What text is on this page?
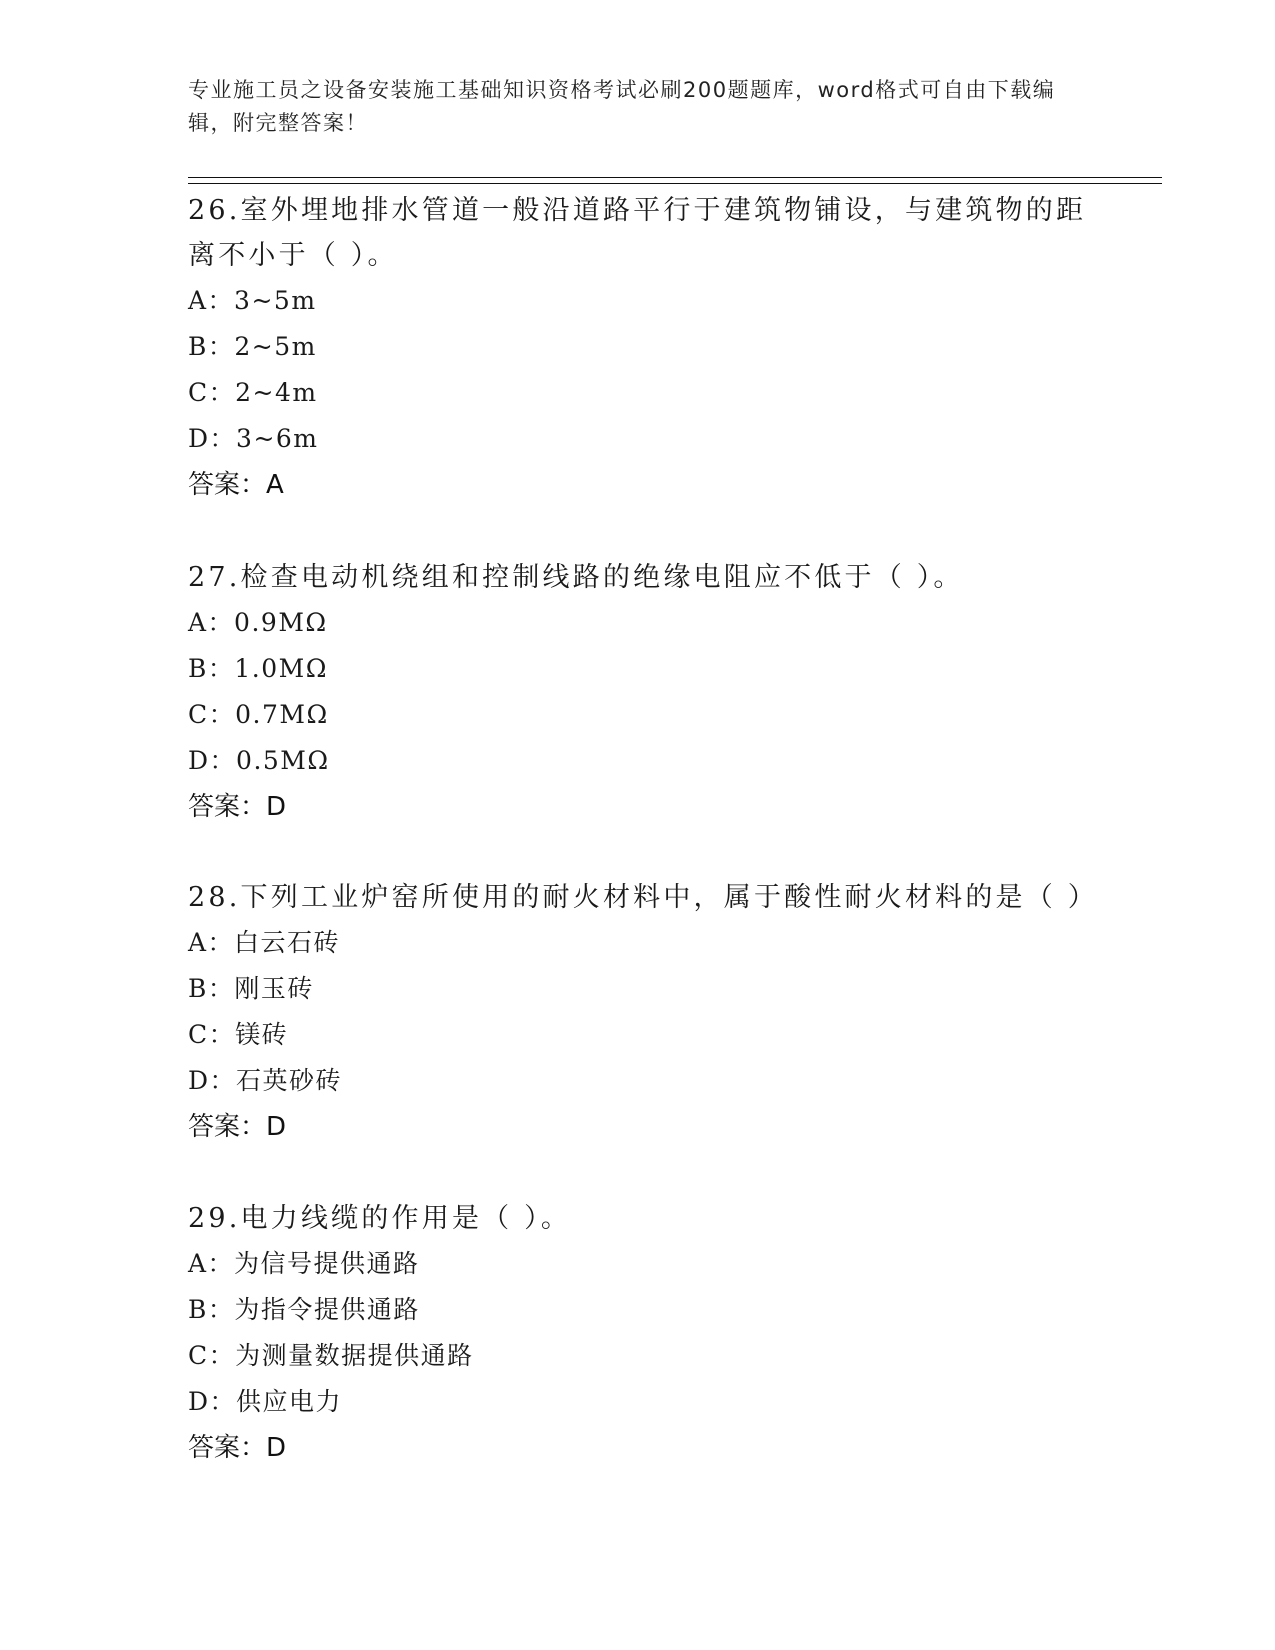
专业施工员之设备安装施工基础知识资格考试必刷200题题库，word格式可自由下载编辑，附完整答案！

26.室外埋地排水管道一般沿道路平行于建筑物铺设，与建筑物的距离不小于（ ）。

A：3~5m

B：2~5m

C：2~4m

D：3~6m

答案：A

27.检查电动机绕组和控制线路的绝缘电阻应不低于（ ）。

A：0.9MΩ

B：1.0MΩ

C：0.7MΩ

D：0.5MΩ

答案：D

28.下列工业炉窑所使用的耐火材料中，属于酸性耐火材料的是（ ）

A：白云石砖

B：刚玉砖

C：镁砖

D：石英砂砖

答案：D

29.电力线缆的作用是（ ）。

A：为信号提供通路

B：为指令提供通路

C：为测量数据提供通路

D：供应电力

答案：D
